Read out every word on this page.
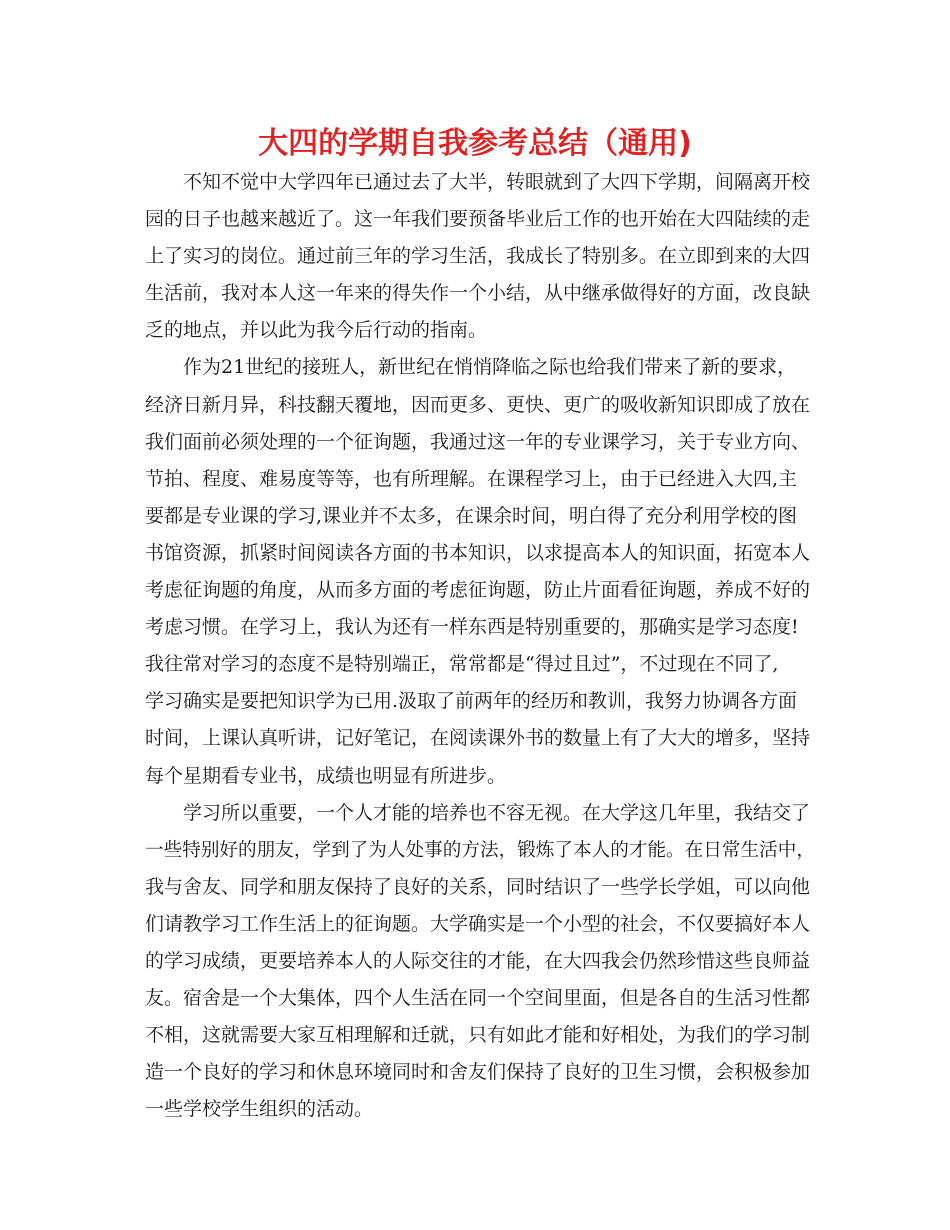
大四的学期自我参考总结（通用)
不知不觉中大学四年已通过去了大半，转眼就到了大四下学期，间隔离开校
园的日子也越来越近了。这一年我们要预备毕业后工作的也开始在大四陆续的走
上了实习的岗位。通过前三年的学习生活，我成长了特别多。在立即到来的大四
生活前，我对本人这一年来的得失作一个小结，从中继承做得好的方面，改良缺
乏的地点，并以此为我今后行动的指南。
作为21世纪的接班人，新世纪在悄悄降临之际也给我们带来了新的要求，
经济日新月异，科技翻天覆地，因而更多、更快、更广的吸收新知识即成了放在
我们面前必须处理的一个征询题，我通过这一年的专业课学习，关于专业方向、
节拍、程度、难易度等等，也有所理解。在课程学习上，由于已经进入大四,主
要都是专业课的学习,课业并不太多，在课余时间，明白得了充分利用学校的图
书馆资源，抓紧时间阅读各方面的书本知识，以求提高本人的知识面，拓宽本人
考虑征询题的角度，从而多方面的考虑征询题，防止片面看征询题，养成不好的
考虑习惯。在学习上，我认为还有一样东西是特别重要的，那确实是学习态度!
我往常对学习的态度不是特别端正，常常都是“得过且过”，不过现在不同了,
学习确实是要把知识学为已用.汲取了前两年的经历和教训，我努力协调各方面
时间，上课认真听讲，记好笔记，在阅读课外书的数量上有了大大的增多，坚持
每个星期看专业书，成绩也明显有所进步。
学习所以重要，一个人才能的培养也不容无视。在大学这几年里，我结交了
一些特别好的朋友，学到了为人处事的方法，锻炼了本人的才能。在日常生活中，
我与舍友、同学和朋友保持了良好的关系，同时结识了一些学长学姐，可以向他
们请教学习工作生活上的征询题。大学确实是一个小型的社会，不仅要搞好本人
的学习成绩，更要培养本人的人际交往的才能，在大四我会仍然珍惜这些良师益
友。宿舍是一个大集体，四个人生活在同一个空间里面，但是各自的生活习性都
不相，这就需要大家互相理解和迁就，只有如此才能和好相处，为我们的学习制
造一个良好的学习和休息环境同时和舍友们保持了良好的卫生习惯，会积极参加
一些学校学生组织的活动。
